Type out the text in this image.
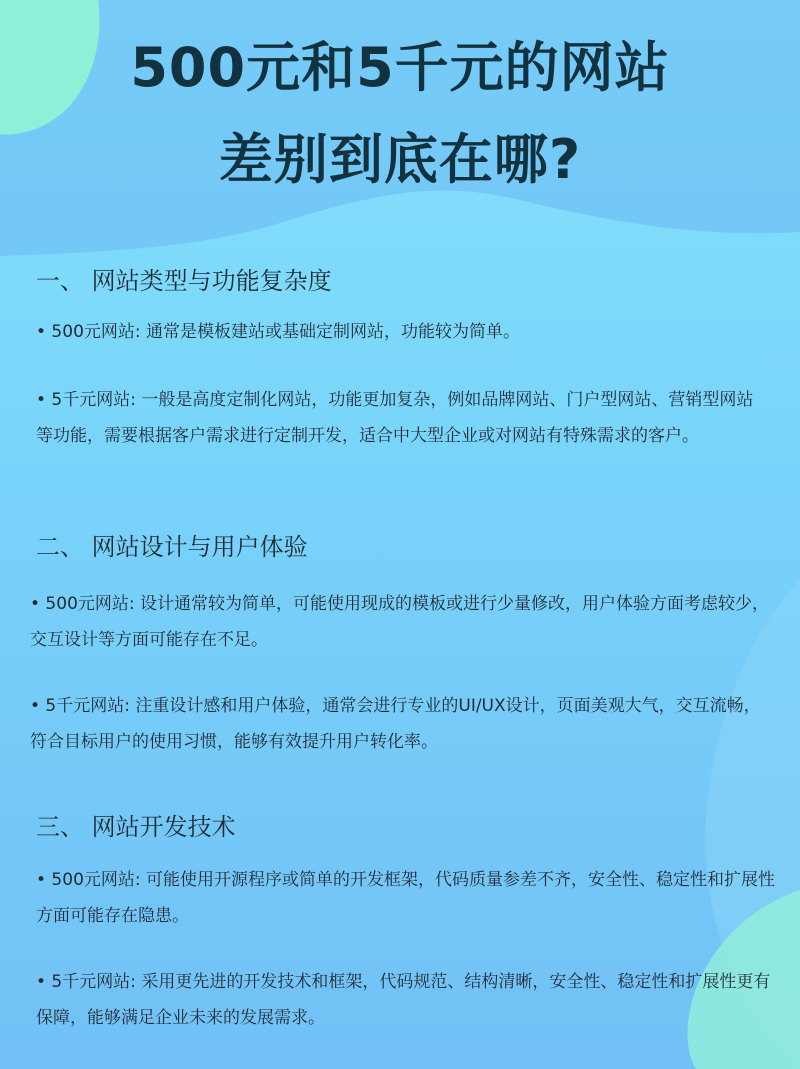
500元和5千元的网站
差别到底在哪?
一、 网站类型与功能复杂度
• 500元网站: 通常是模板建站或基础定制网站，功能较为简单。
• 5千元网站: 一般是高度定制化网站，功能更加复杂，例如品牌网站、门户型网站、营销型网站等功能，需要根据客户需求进行定制开发，适合中大型企业或对网站有特殊需求的客户。
二、 网站设计与用户体验
• 500元网站: 设计通常较为简单，可能使用现成的模板或进行少量修改，用户体验方面考虑较少，交互设计等方面可能存在不足。
• 5千元网站: 注重设计感和用户体验，通常会进行专业的UI/UX设计，页面美观大气，交互流畅，符合目标用户的使用习惯，能够有效提升用户转化率。
三、 网站开发技术
• 500元网站: 可能使用开源程序或简单的开发框架，代码质量参差不齐，安全性、稳定性和扩展性方面可能存在隐患。
• 5千元网站: 采用更先进的开发技术和框架，代码规范、结构清晰，安全性、稳定性和扩展性更有保障，能够满足企业未来的发展需求。
